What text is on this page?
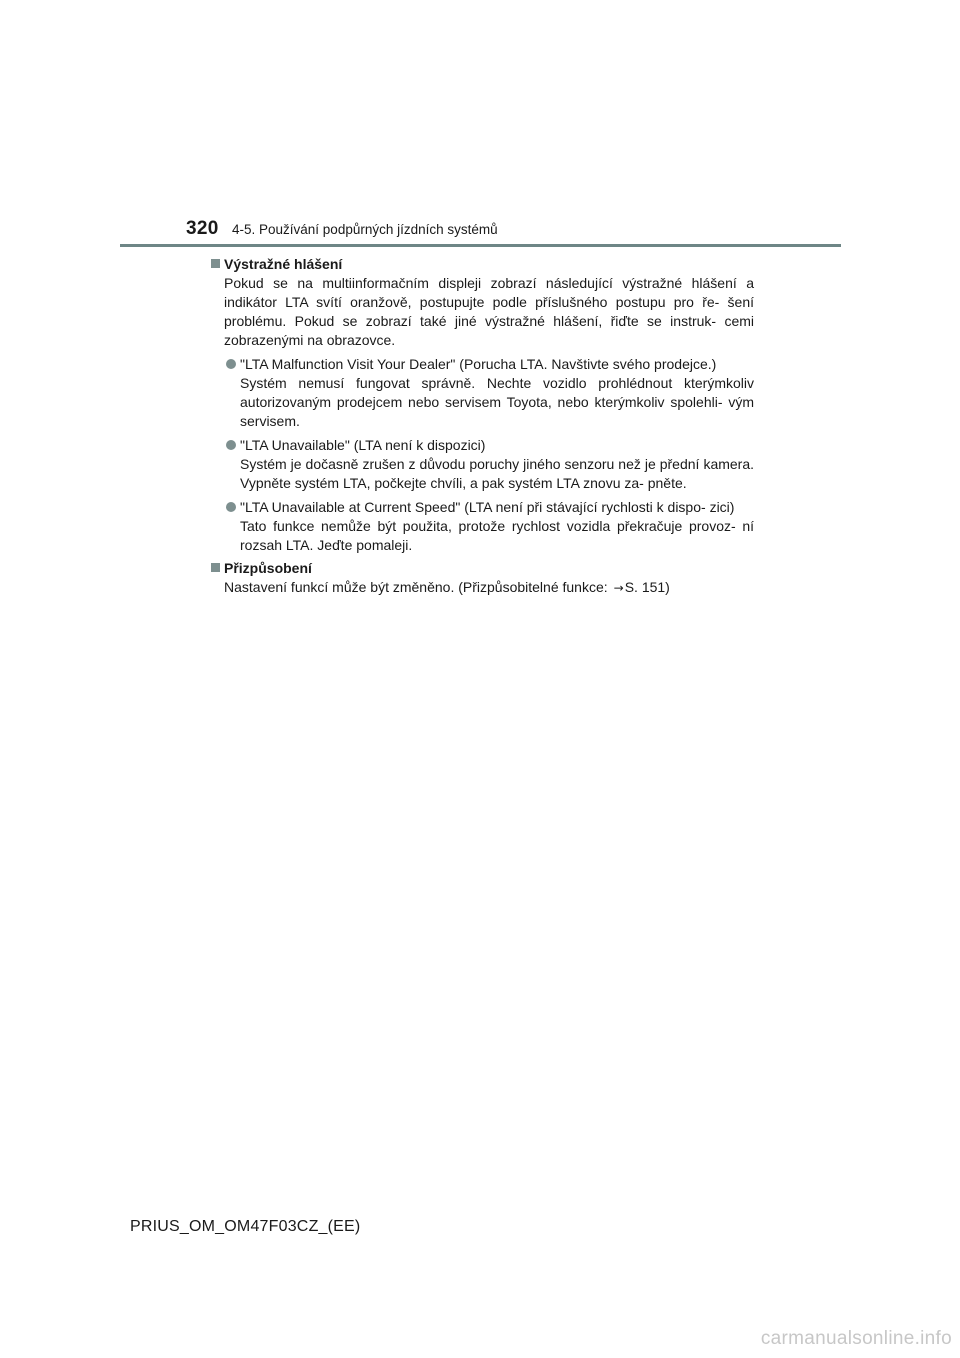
320 4-5. Používání podpůrných jízdních systémů
Výstražné hlášení

Pokud se na multiinformačním displeji zobrazí následující výstražné hlášení a indikátor LTA svítí oranžově, postupujte podle příslušného postupu pro ře- šení problému. Pokud se zobrazí také jiné výstražné hlášení, řiďte se instruk- cemi zobrazenými na obrazovce.

"LTA Malfunction Visit Your Dealer" (Porucha LTA. Navštivte svého prodejce.)
Systém nemusí fungovat správně. Nechte vozidlo prohlédnout kterýmkoliv autorizovaným prodejcem nebo servisem Toyota, nebo kterýmkoliv spolehli- vým servisem.

"LTA Unavailable" (LTA není k dispozici)
Systém je dočasně zrušen z důvodu poruchy jiného senzoru než je přední kamera. Vypněte systém LTA, počkejte chvíli, a pak systém LTA znovu za- pněte.

"LTA Unavailable at Current Speed" (LTA není při stávající rychlosti k dispo- zici)
Tato funkce nemůže být použita, protože rychlost vozidla překračuje provoz- ní rozsah LTA. Jeďte pomaleji.

Přizpůsobení

Nastavení funkcí může být změněno. (Přizpůsobitelné funkce: →S. 151)

PRIUS_OM_OM47F03CZ_(EE)
carmanualsonline.info
